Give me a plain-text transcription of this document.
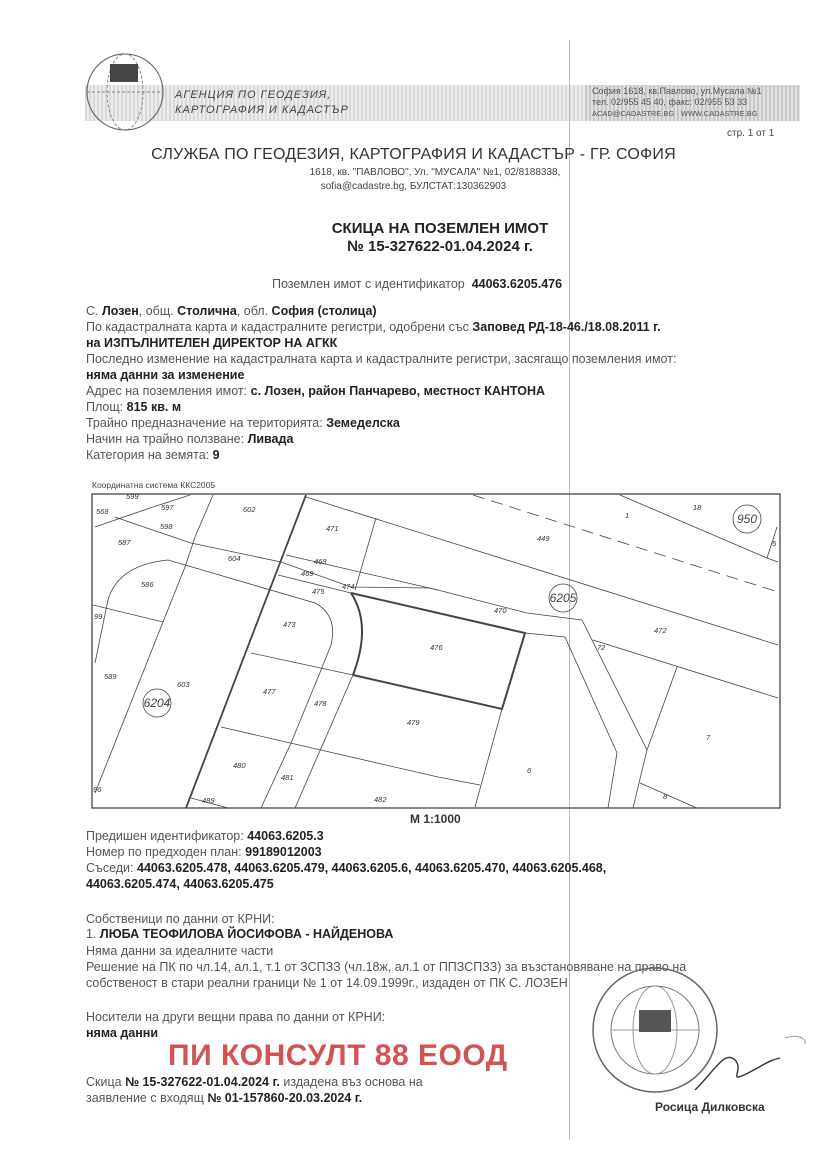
АГЕНЦИЯ ПО ГЕОДЕЗИЯ,
КАРТОГРАФИЯ И КАДАСТЪР
София 1618, кв.Павлово, ул.Мусала №1
тел. 02/955 45 40, факс: 02/955 53 33
ACAD@CADASTRE.BG · WWW.CADASTRE.BG
стр. 1 от 1
СЛУЖБА ПО ГЕОДЕЗИЯ, КАРТОГРАФИЯ И КАДАСТЪР - ГР. СОФИЯ
1618, кв. "ПАВЛОВО", Ул. "МУСАЛА" №1, 02/8188338,
sofia@cadastre.bg, БУЛСТАТ:130362903
СКИЦА НА ПОЗЕМЛЕН ИМОТ
№ 15-327622-01.04.2024 г.
Поземлен имот с идентификатор 44063.6205.476
С. Лозен, общ. Столична, обл. София (столица)
По кадастралната карта и кадастралните регистри, одобрени със Заповед РД-18-46./18.08.2011 г.
на ИЗПЪЛНИТЕЛЕН ДИРЕКТОР НА АГКК
Последно изменение на кадастралната карта и кадастралните регистри, засягащо поземления имот:
няма данни за изменение
Адрес на поземления имот: с. Лозен, район Панчарево, местност КАНТОНА
Площ: 815 кв. м
Трайно предназначение на територията: Земеделска
Начин на трайно ползване: Ливада
Категория на земята: 9
Координатна система ККС2005
599
568	597	602
471
598
587
604	468
469
475
474
586
99
473
476
470
449
1
18
472
72
589
603
477
478
479
7
480
481
482
489
6
8
96
5
6204
6205
950
М 1:1000
Предишен идентификатор: 44063.6205.3
Номер по предходен план: 99189012003
Съседи: 44063.6205.478, 44063.6205.479, 44063.6205.6, 44063.6205.470, 44063.6205.468,
44063.6205.474, 44063.6205.475
Собственици по данни от КРНИ:
1. ЛЮБА ТЕОФИЛОВА ЙОСИФОВА - НАЙДЕНОВА
Няма данни за идеалните части
Решение на ПК по чл.14, ал.1, т.1 от ЗСПЗЗ (чл.18ж, ал.1 от ППЗСПЗЗ) за възстановяване на право на
собственост в стари реални граници № 1 от 14.09.1999г., издаден от ПК С. ЛОЗЕН
Носители на други вещни права по данни от КРНИ:
няма данни
ПИ КОНСУЛТ 88 ЕООД
Скица № 15-327622-01.04.2024 г. издадена въз основа на
заявление с входящ № 01-157860-20.03.2024 г.
Росица Дилковска
